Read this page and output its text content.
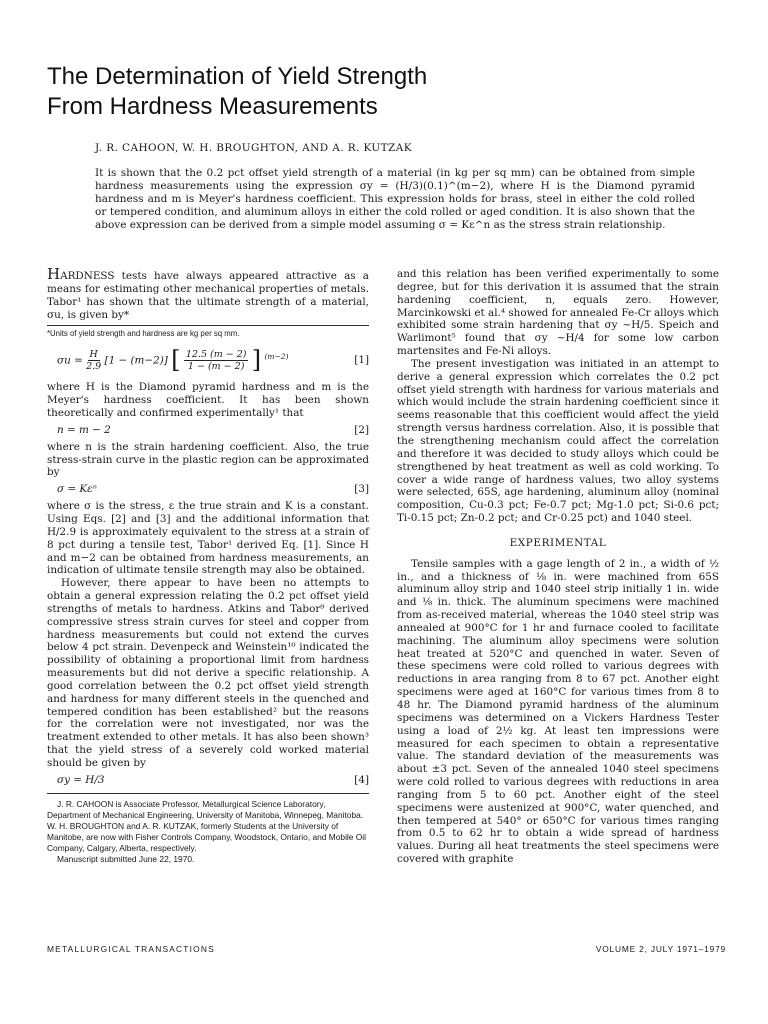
The Determination of Yield Strength
From Hardness Measurements
J. R. CAHOON, W. H. BROUGHTON, AND A. R. KUTZAK

It is shown that the 0.2 pct offset yield strength of a material (in kg per sq mm) can be obtained from simple hardness measurements using the expression σy = (H/3)(0.1)^(m−2), where H is the Diamond pyramid hardness and m is Meyer's hardness coefficient. This expression holds for brass, steel in either the cold rolled or tempered condition, and aluminum alloys in either the cold rolled or aged condition. It is also shown that the above expression can be derived from a simple model assuming σ = Kε^n as the stress strain relationship.

HARDNESS tests have always appeared attractive as a means for estimating other mechanical properties of metals. Tabor¹ has shown that the ultimate strength of a material, σu, is given by*

*Units of yield strength and hardness are kg per sq mm.

$\sigma u = \frac{H}{2.9} [1 - (m-2)]$ [ $\frac{12.5 (m - 2)}{1 - (m - 2)}$ ] $^{(m-2)}$	[1]

where H is the Diamond pyramid hardness and m is the Meyer's hardness coefficient. It has been shown theoretically and confirmed experimentally¹ that

n = m − 2	[2]

where n is the strain hardening coefficient. Also, the true stress-strain curve in the plastic region can be approximated by

σ = Kεⁿ	[3]

where σ is the stress, ε the true strain and K is a constant. Using Eqs. [2] and [3] and the additional information that H/2.9 is approximately equivalent to the stress at a strain of 8 pct during a tensile test, Tabor¹ derived Eq. [1]. Since H and m−2 can be obtained from hardness measurements, an indication of ultimate tensile strength may also be obtained.

However, there appear to have been no attempts to obtain a general expression relating the 0.2 pct offset yield strengths of metals to hardness. Atkins and Tabor⁹ derived compressive stress strain curves for steel and copper from hardness measurements but could not extend the curves below 4 pct strain. Devenpeck and Weinstein¹⁰ indicated the possibility of obtaining a proportional limit from hardness measurements but did not derive a specific relationship. A good correlation between the 0.2 pct offset yield strength and hardness for many different steels in the quenched and tempered condition has been established² but the reasons for the correlation were not investigated, nor was the treatment extended to other metals. It has also been shown³ that the yield stress of a severely cold worked material should be given by

σy = H/3	[4]

J. R. CAHOON is Associate Professor, Metallurgical Science Laboratory, Department of Mechanical Engineering, University of Manitoba, Winnepeg, Manitoba. W. H. BROUGHTON and A. R. KUTZAK, formerly Students at the University of Manitobe, are now with Fisher Controls Company, Woodstock, Ontario, and Mobile Oil Company, Calgary, Alberta, respectively.

Manuscript submitted June 22, 1970.

and this relation has been verified experimentally to some degree, but for this derivation it is assumed that the strain hardening coefficient, n, equals zero. However, Marcinkowski et al.⁴ showed for annealed Fe-Cr alloys which exhibited some strain hardening that σy ~H/5. Speich and Warlimont⁵ found that σy ~H/4 for some low carbon martensites and Fe-Ni alloys.

The present investigation was initiated in an attempt to derive a general expression which correlates the 0.2 pct offset yield strength with hardness for various materials and which would include the strain hardening coefficient since it seems reasonable that this coefficient would affect the yield strength versus hardness correlation. Also, it is possible that the strengthening mechanism could affect the correlation and therefore it was decided to study alloys which could be strengthened by heat treatment as well as cold working. To cover a wide range of hardness values, two alloy systems were selected, 65S, age hardening, aluminum alloy (nominal composition, Cu-0.3 pct; Fe-0.7 pct; Mg-1.0 pct; Si-0.6 pct; Ti-0.15 pct; Zn-0.2 pct; and Cr-0.25 pct) and 1040 steel.

EXPERIMENTAL

Tensile samples with a gage length of 2 in., a width of ½ in., and a thickness of ⅛ in. were machined from 65S aluminum alloy strip and 1040 steel strip initially 1 in. wide and ⅛ in. thick. The aluminum specimens were machined from as-received material, whereas the 1040 steel strip was annealed at 900°C for 1 hr and furnace cooled to facilitate machining. The aluminum alloy specimens were solution heat treated at 520°C and quenched in water. Seven of these specimens were cold rolled to various degrees with reductions in area ranging from 8 to 67 pct. Another eight specimens were aged at 160°C for various times from 8 to 48 hr. The Diamond pyramid hardness of the aluminum specimens was determined on a Vickers Hardness Tester using a load of 2½ kg. At least ten impressions were measured for each specimen to obtain a representative value. The standard deviation of the measurements was about ±3 pct. Seven of the annealed 1040 steel specimens were cold rolled to various degrees with reductions in area ranging from 5 to 60 pct. Another eight of the steel specimens were austenized at 900°C, water quenched, and then tempered at 540° or 650°C for various times ranging from 0.5 to 62 hr to obtain a wide spread of hardness values. During all heat treatments the steel specimens were covered with graphite

METALLURGICAL TRANSACTIONS	VOLUME 2, JULY 1971–1979
